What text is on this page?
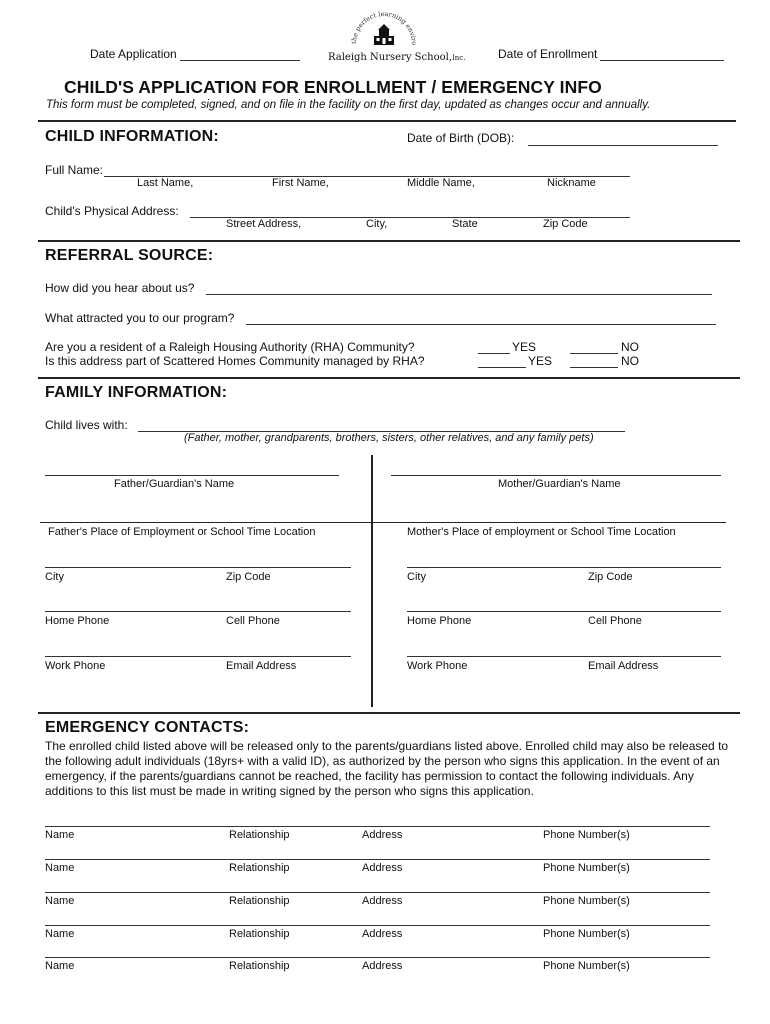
Date Application
the perfect learning enviro
Raleigh Nursery School,Inc.	Date of Enrollment
CHILD'S APPLICATION FOR ENROLLMENT / EMERGENCY INFO
This form must be completed, signed, and on file in the facility on the first day, updated as changes occur and annually.
CHILD INFORMATION:	Date of Birth (DOB):
Full Name:
Last Name,	First Name,	Middle Name,	Nickname
Child's Physical Address:
Street Address,	City,	State	Zip Code
REFERRAL SOURCE:
How did you hear about us?
What attracted you to our program?
Are you a resident of a Raleigh Housing Authority (RHA) Community?	YES	NO
Is this address part of Scattered Homes Community managed by RHA?	YES	NO
FAMILY INFORMATION:
Child lives with:
(Father, mother, grandparents, brothers, sisters, other relatives, and any family pets)
Father/Guardian's Name	Mother/Guardian's Name
Father's Place of Employment or School Time Location	Mother's Place of employment or School Time Location
City	Zip Code	City	Zip Code
Home Phone	Cell Phone	Home Phone	Cell Phone
Work Phone	Email Address	Work Phone	Email Address
EMERGENCY CONTACTS:
The enrolled child listed above will be released only to the parents/guardians listed above. Enrolled child may also be released to the following adult individuals (18yrs+ with a valid ID), as authorized by the person who signs this application. In the event of an emergency, if the parents/guardians cannot be reached, the facility has permission to contact the following individuals. Any additions to this list must be made in writing signed by the person who signs this application.
Name	Relationship	Address	Phone Number(s)
Name	Relationship	Address	Phone Number(s)
Name	Relationship	Address	Phone Number(s)
Name	Relationship	Address	Phone Number(s)
Name	Relationship	Address	Phone Number(s)
